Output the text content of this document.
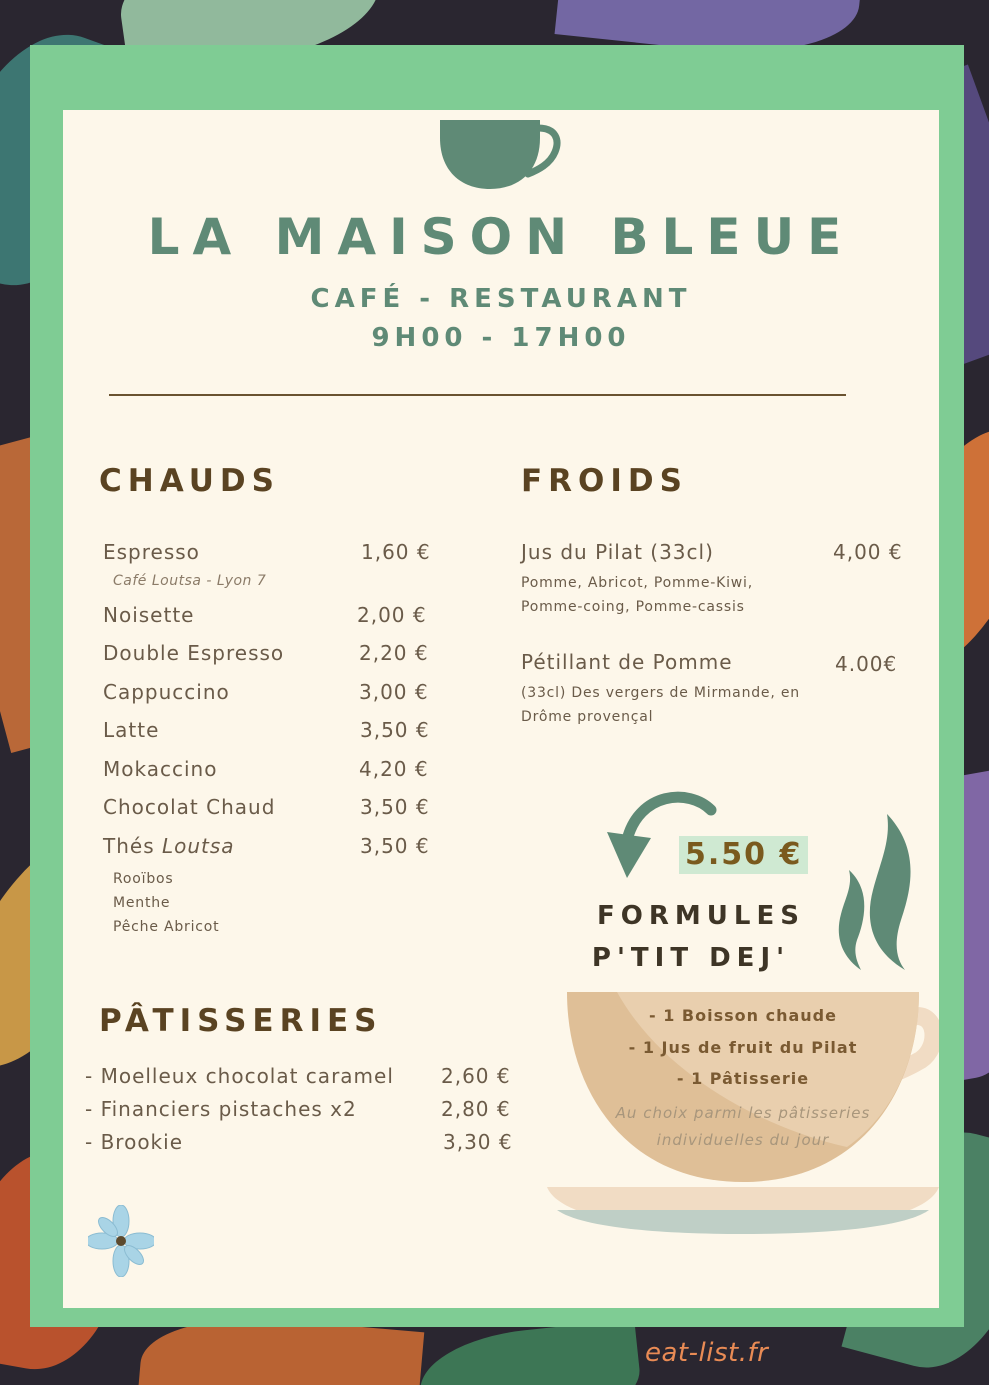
LA MAISON BLEUE
CAFÉ - RESTAURANT
9H00 - 17H00
CHAUDS
Espresso	1,60 €
Café Loutsa - Lyon 7
Noisette	2,00 €
Double Espresso	2,20 €
Cappuccino	3,00 €
Latte	3,50 €
Mokaccino	4,20 €
Chocolat Chaud	3,50 €
Thés Loutsa	3,50 €
Rooïbos
Menthe
Pêche Abricot
FROIDS
Jus du Pilat (33cl)	4,00 €
Pomme, Abricot, Pomme-Kiwi,
Pomme-coing, Pomme-cassis
Pétillant de Pomme	4.00€
(33cl) Des vergers de Mirmande, en
Drôme provençal
5.50 €
FORMULES
P'TIT DEJ'
- 1 Boisson chaude
- 1 Jus de fruit du Pilat
- 1 Pâtisserie
Au choix parmi les pâtisseries
individuelles du jour
PÂTISSERIES
- Moelleux chocolat caramel 2,60 €
- Financiers pistaches x2	2,80 €
- Brookie	3,30 €
eat-list.fr
